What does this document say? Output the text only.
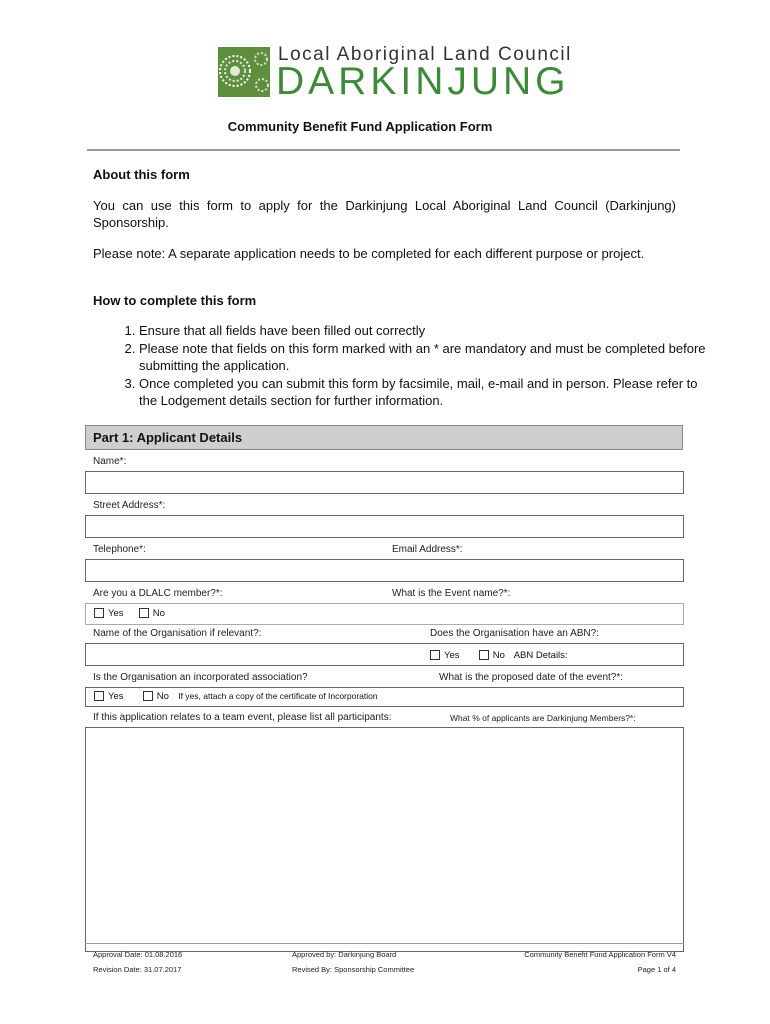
Local Aboriginal Land Council
DARKINJUNG
Community Benefit Fund Application Form
About this form
You can use this form to apply for the Darkinjung Local Aboriginal Land Council (Darkinjung) Sponsorship.
Please note: A separate application needs to be completed for each different purpose or project.
How to complete this form
1. Ensure that all fields have been filled out correctly
2. Please note that fields on this form marked with an * are mandatory and must be completed before submitting the application.
3. Once completed you can submit this form by facsimile, mail, e-mail and in person. Please refer to the Lodgement details section for further information.
Part 1: Applicant Details
Name*:
Street Address*:
Telephone*:	Email Address*:
Are you a DLALC member?*:	What is the Event name?*:
Yes	No
Name of the Organisation if relevant?:	Does the Organisation have an ABN?:
Yes	No ABN Details:
Is the Organisation an incorporated association?	What is the proposed date of the event?*:
Yes	No If yes, attach a copy of the certificate of Incorporation
If this application relates to a team event, please list all participants:	What % of applicants are Darkinjung Members?*:
Approval Date: 01.08.2016	Approved by: Darkinjung Board	Community Benefit Fund Application Form V4
Revision Date: 31.07.2017	Revised By: Sponsorship Committee	Page 1 of 4
